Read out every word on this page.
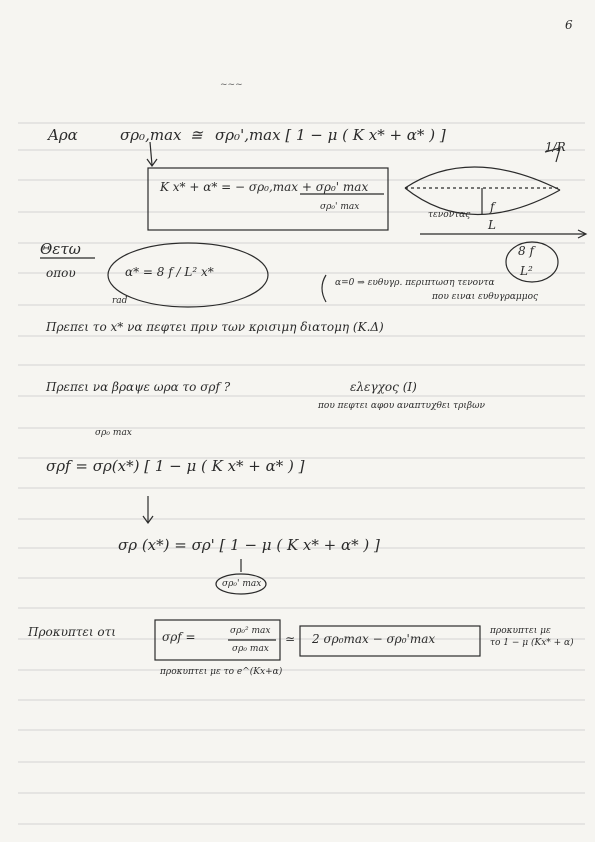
6
~~~
Αρα	σρ₀,max ≅ σρ₀',max [ 1 − μ ( K x* + α* ) ]
1/R
τενοντας
L
f
K x* + α* = − σρ₀,max + σρ₀' max
σρ₀' max
Θετω
οπου	α* = 8 f / L² x*
rad
8 f
L²
α=0 ⇒ ευθυγρ. περιπτωση τενοντα
που ειναι ευθυγραμμος
Πρεπει το x* να πεφτει πριν των κρισιμη διατομη (Κ.Δ)
Πρεπει να βραψε ωρα το σρf ?	ελεγχος (Ι)
που πεφτει αφου αναπτυχθει τριβων
σρ₀ max
σρf = σρ(x*) [ 1 − μ ( K x* + α* ) ]
σρ (x*) = σρ' [ 1 − μ ( K x* + α* ) ]
σρ₀' max
Προκυπτει οτι	σρf =	σρ₀² max
σρ₀ max
≃ 2 σρ₀max − σρ₀'max
προκυπτει με
το 1 − μ (Kx* + α)
προκυπτει με το e^(Kx+α)
